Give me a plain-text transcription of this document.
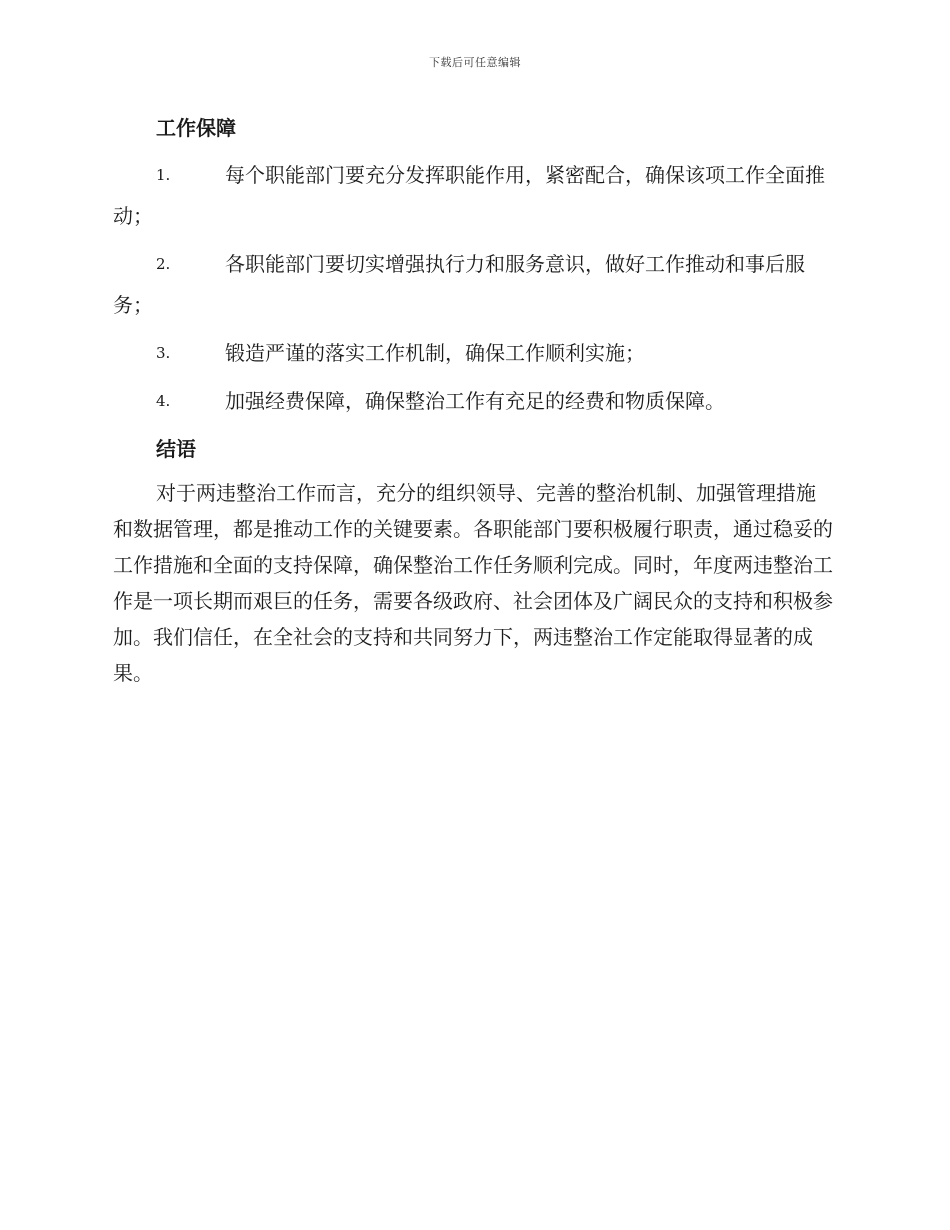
下载后可任意编辑
工作保障
1.	每个职能部门要充分发挥职能作用，紧密配合，确保该项工作全面推动；
2.	各职能部门要切实增强执行力和服务意识，做好工作推动和事后服务；
3.	锻造严谨的落实工作机制，确保工作顺利实施；
4.	加强经费保障，确保整治工作有充足的经费和物质保障。
结语

对于两违整治工作而言，充分的组织领导、完善的整治机制、加强管理措施和数据管理，都是推动工作的关键要素。各职能部门要积极履行职责，通过稳妥的工作措施和全面的支持保障，确保整治工作任务顺利完成。同时，年度两违整治工作是一项长期而艰巨的任务，需要各级政府、社会团体及广阔民众的支持和积极参加。我们信任，在全社会的支持和共同努力下，两违整治工作定能取得显著的成果。
